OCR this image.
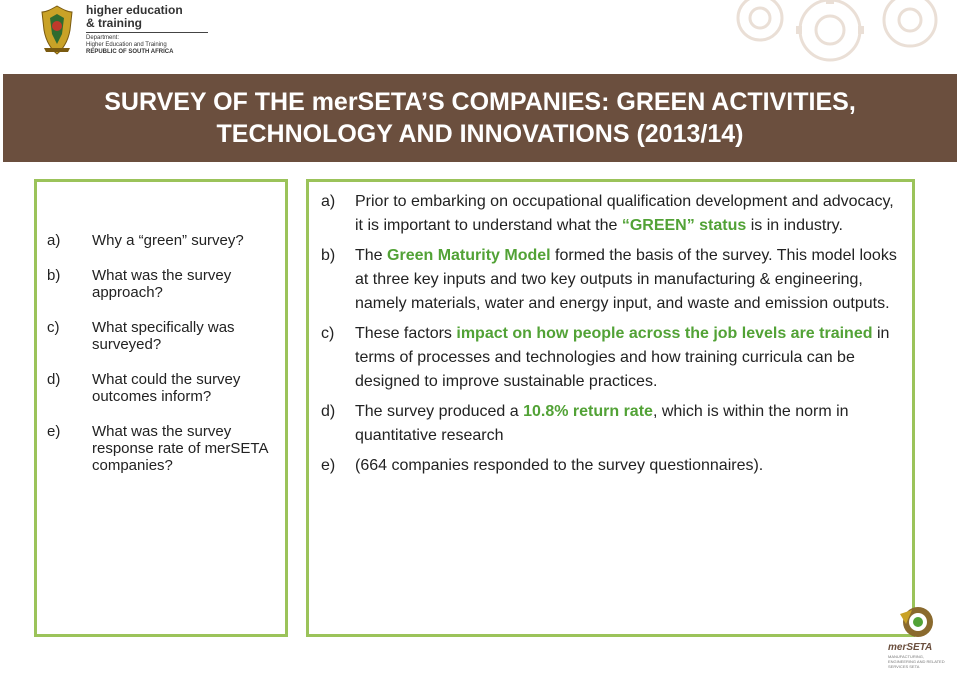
higher education
& training
Department:
Higher Education and Training
REPUBLIC OF SOUTH AFRICA
SURVEY OF THE merSETA’S COMPANIES: GREEN ACTIVITIES,
TECHNOLOGY AND INNOVATIONS (2013/14)
a)	Why a “green” survey?
b)	What was the survey approach?
c)	What specifically was surveyed?
d)	What could the survey outcomes inform?
e)	What was the survey response rate of merSETA companies?
a)	Prior to embarking on occupational qualification development and advocacy, it is important to understand what the “GREEN” status is in industry.
b)	The Green Maturity Model formed the basis of the survey. This model looks at three key inputs and two key outputs in manufacturing & engineering, namely materials, water and energy input, and waste and emission outputs.
c)	These factors impact on how people across the job levels are trained in terms of processes and technologies and how training curricula can be designed to improve sustainable practices.
d)	The survey produced a 10.8% return rate, which is within the norm in quantitative research
e)	(664 companies responded to the survey questionnaires).
merSETA
MANUFACTURING, ENGINEERING AND RELATED SERVICES SETA
